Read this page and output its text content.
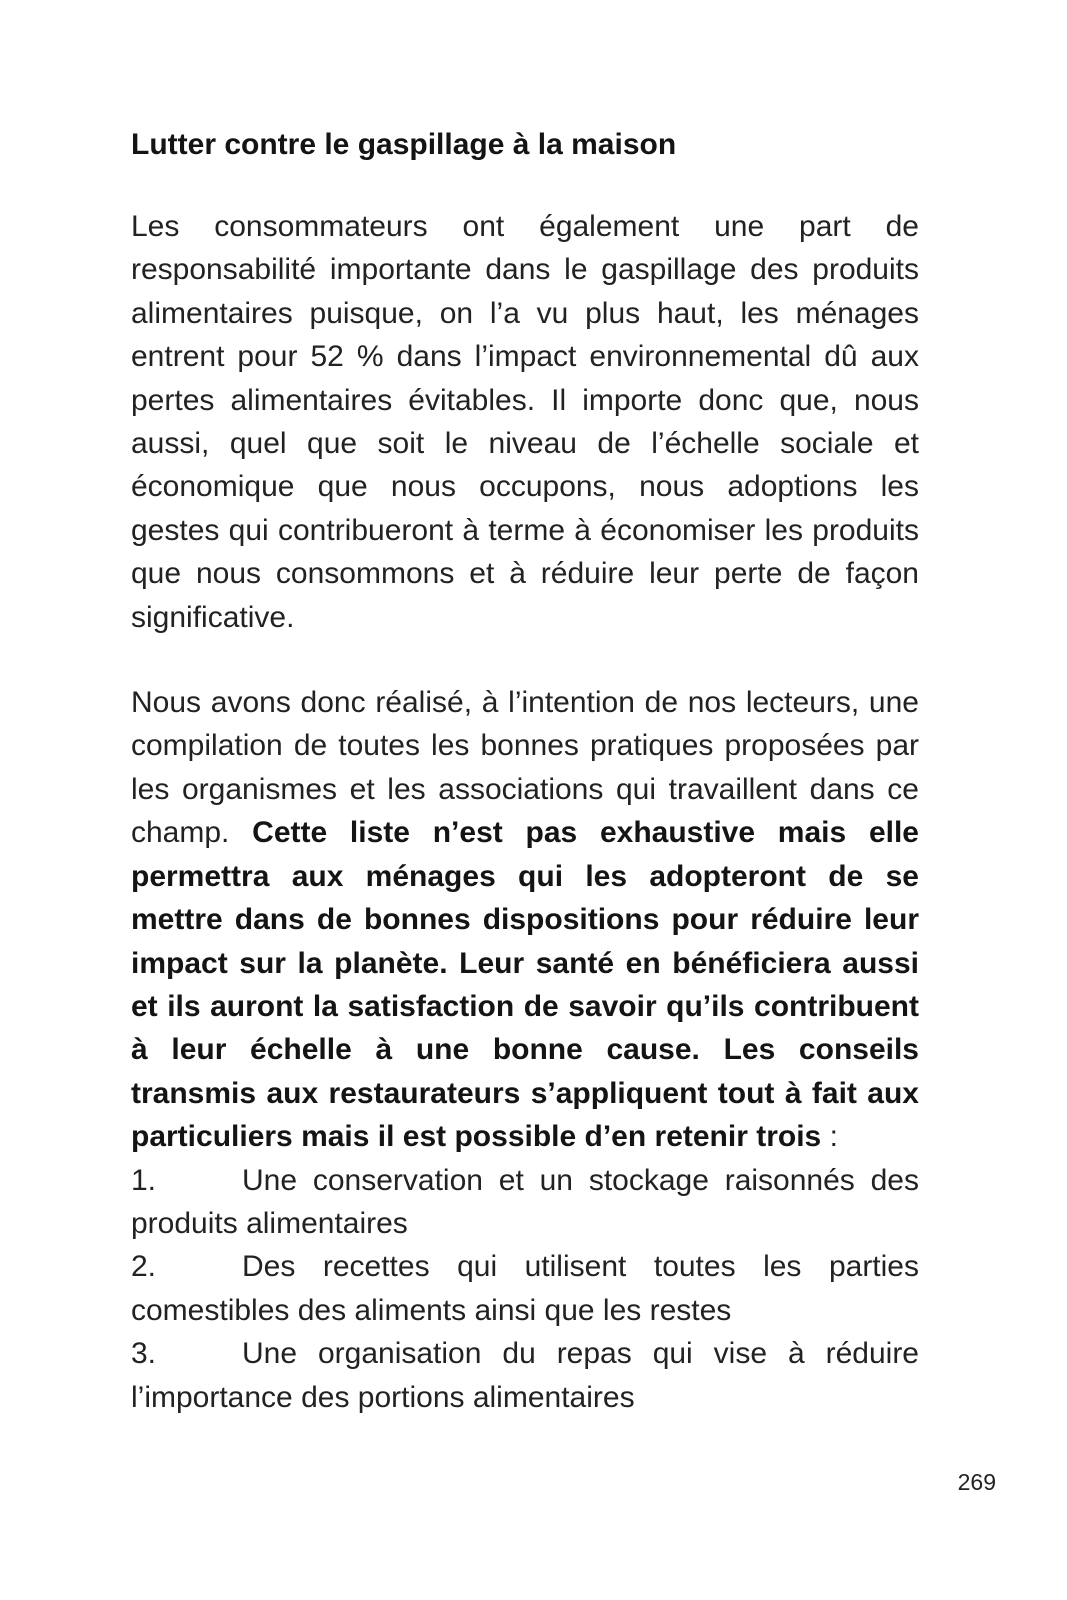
Lutter contre le gaspillage à la maison

Les consommateurs ont également une part de responsabilité importante dans le gaspillage des produits alimentaires puisque, on l’a vu plus haut, les ménages entrent pour 52 % dans l’impact environnemental dû aux pertes alimentaires évitables. Il importe donc que, nous aussi, quel que soit le niveau de l’échelle sociale et économique que nous occupons, nous adoptions les gestes qui contribueront à terme à économiser les produits que nous consommons et à réduire leur perte de façon significative.

Nous avons donc réalisé, à l’intention de nos lecteurs, une compilation de toutes les bonnes pratiques proposées par les organismes et les associations qui travaillent dans ce champ. Cette liste n’est pas exhaustive mais elle permettra aux ménages qui les adopteront de se mettre dans de bonnes dispositions pour réduire leur impact sur la planète. Leur santé en bénéficiera aussi et ils auront la satisfaction de savoir qu’ils contribuent à leur échelle à une bonne cause. Les conseils transmis aux restaurateurs s’appliquent tout à fait aux particuliers mais il est possible d’en retenir trois :

1.	Une conservation et un stockage raisonnés des produits alimentaires
2.	Des recettes qui utilisent toutes les parties comestibles des aliments ainsi que les restes
3.	Une organisation du repas qui vise à réduire l’importance des portions alimentaires
269
